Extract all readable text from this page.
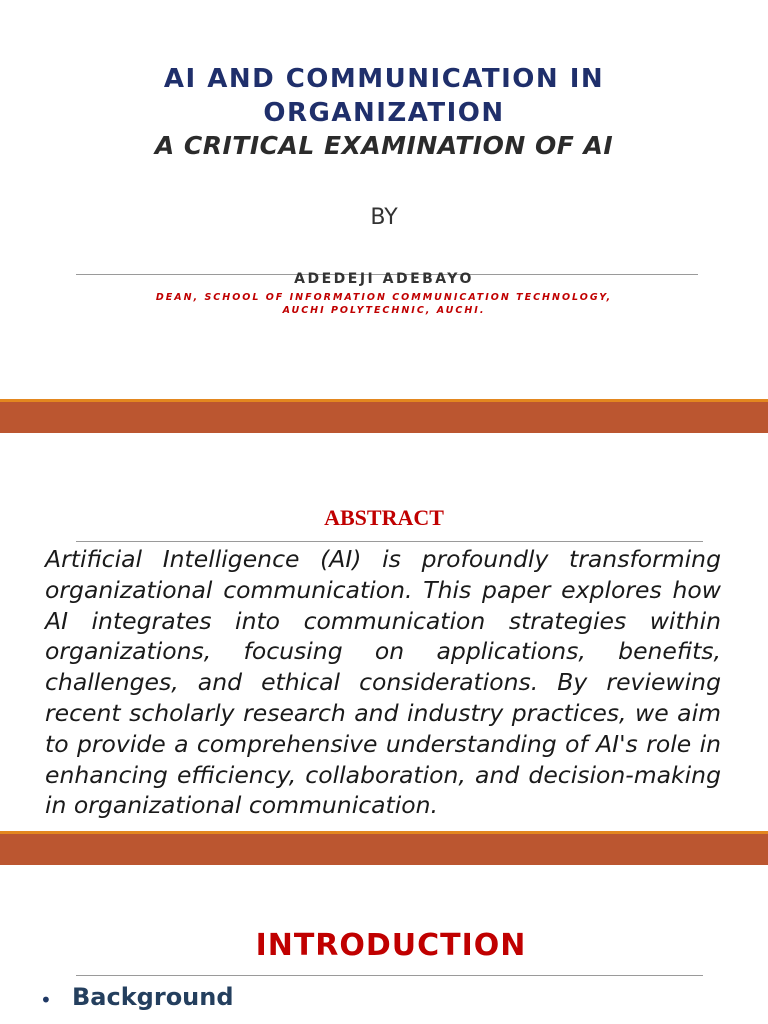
AI AND COMMUNICATION IN
ORGANIZATION
A CRITICAL EXAMINATION OF AI
BY
ADEDEJI ADEBAYO
DEAN, SCHOOL OF INFORMATION COMMUNICATION TECHNOLOGY,
AUCHI POLYTECHNIC, AUCHI.
ABSTRACT
Artificial Intelligence (AI) is profoundly transforming organizational communication. This paper explores how AI integrates into communication strategies within organizations, focusing on applications, benefits, challenges, and ethical considerations. By reviewing recent scholarly research and industry practices, we aim to provide a comprehensive understanding of AI's role in enhancing efficiency, collaboration, and decision-making in organizational communication.
INTRODUCTION
• Background
